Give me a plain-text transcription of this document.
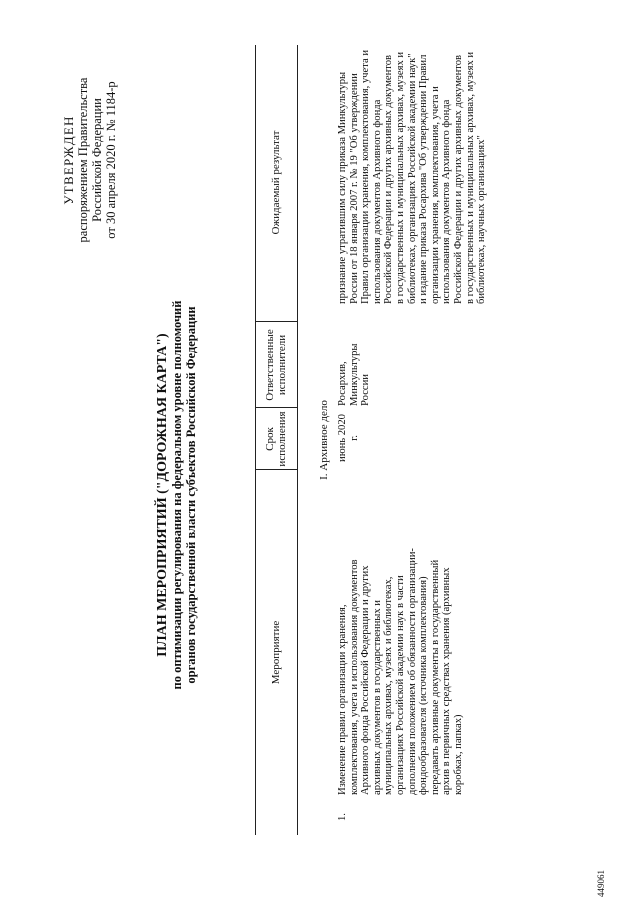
УТВЕРЖДЕН распоряжением Правительства Российской Федерации от 30 апреля 2020 г. № 1184-р
ПЛАН МЕРОПРИЯТИЙ ("ДОРОЖНАЯ КАРТА") по оптимизации регулирования на федеральном уровне полномочий органов государственной власти субъектов Российской Федерации	Мероприятие
Срок исполнения
Ответственные исполнители
Ожидаемый результат
I. Архивное дело
1.
Изменение правил организации хранения, комплектования, учета и использования документов Архивного фонда Российской Федерации и других архивных документов в государственных и муниципальных архивах, музеях и библиотеках, организациях Российской академии наук в части дополнения положением об обязанности организации-фондообразователя (источника комплектования) передавать архивные документы в государственный архив в первичных средствах хранения (архивных коробках, папках)
июнь 2020 г.
Росархив, Минкультуры России
признание утратившим силу приказа Минкультуры России от 18 января 2007 г. № 19 "Об утверждении Правил организации хранения, комплектования, учета и использования документов Архивного фонда Российской Федерации и других архивных документов в государственных и муниципальных архивах, музеях и библиотеках, организациях Российской академии наук" и издание приказа Росархива "Об утверждении Правил организации хранения, комплектования, учета и использования документов Архивного фонда Российской Федерации и других архивных документов в государственных и муниципальных архивах, музеях и библиотеках, научных организациях"
449061
